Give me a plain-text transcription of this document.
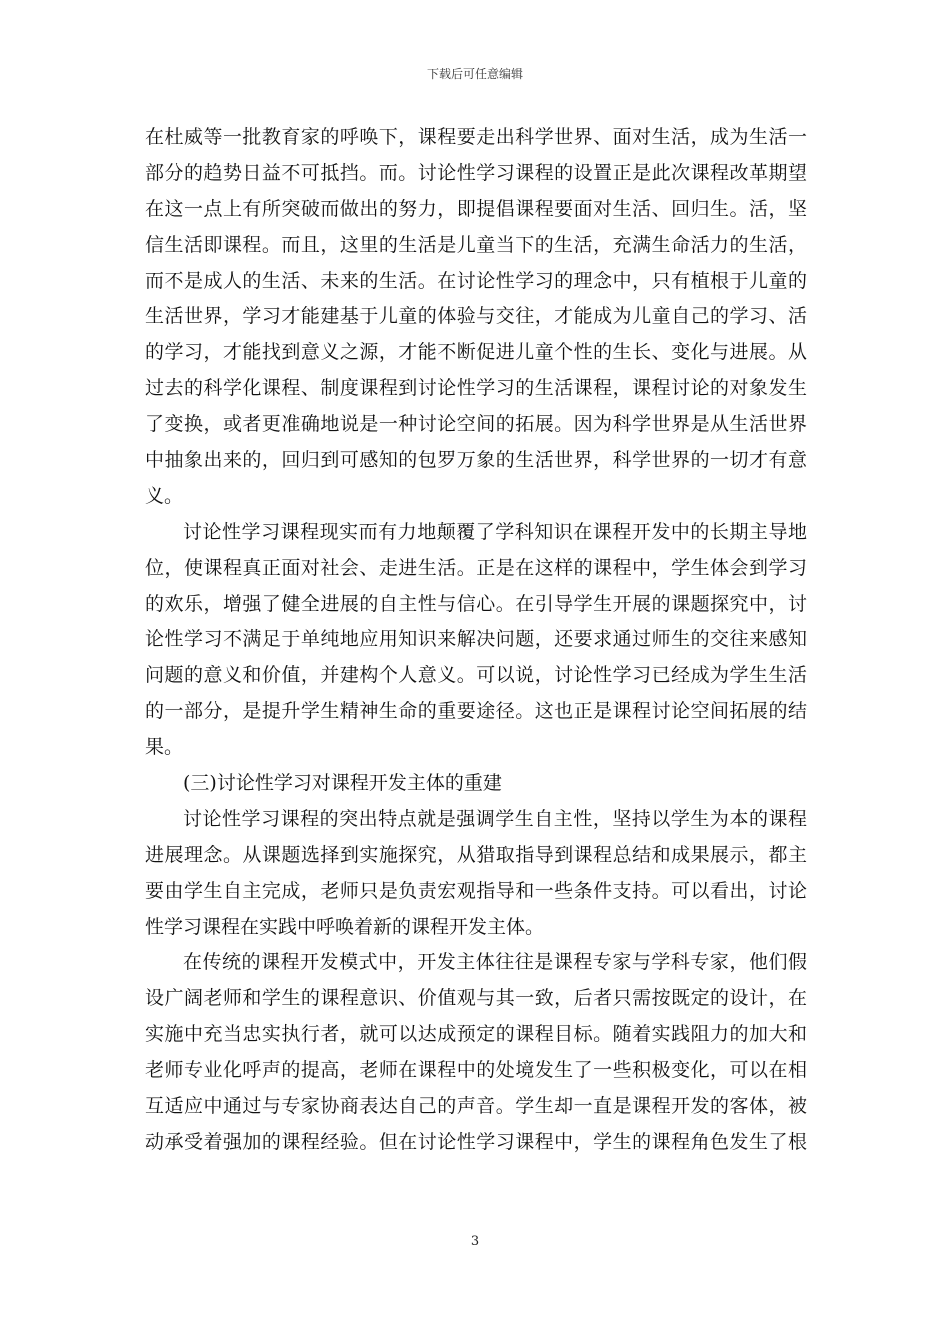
下载后可任意编辑
在杜威等一批教育家的呼唤下，课程要走出科学世界、面对生活，成为生活一
部分的趋势日益不可抵挡。而。讨论性学习课程的设置正是此次课程改革期望
在这一点上有所突破而做出的努力，即提倡课程要面对生活、回归生。活，坚
信生活即课程。而且，这里的生活是儿童当下的生活，充满生命活力的生活，
而不是成人的生活、未来的生活。在讨论性学习的理念中，只有植根于儿童的
生活世界，学习才能建基于儿童的体验与交往，才能成为儿童自己的学习、活
的学习，才能找到意义之源，才能不断促进儿童个性的生长、变化与进展。从
过去的科学化课程、制度课程到讨论性学习的生活课程，课程讨论的对象发生
了变换，或者更准确地说是一种讨论空间的拓展。因为科学世界是从生活世界
中抽象出来的，回归到可感知的包罗万象的生活世界，科学世界的一切才有意
义。
讨论性学习课程现实而有力地颠覆了学科知识在课程开发中的长期主导地
位，使课程真正面对社会、走进生活。正是在这样的课程中，学生体会到学习
的欢乐，增强了健全进展的自主性与信心。在引导学生开展的课题探究中，讨
论性学习不满足于单纯地应用知识来解决问题，还要求通过师生的交往来感知
问题的意义和价值，并建构个人意义。可以说，讨论性学习已经成为学生生活
的一部分，是提升学生精神生命的重要途径。这也正是课程讨论空间拓展的结
果。
(三)讨论性学习对课程开发主体的重建
讨论性学习课程的突出特点就是强调学生自主性，坚持以学生为本的课程
进展理念。从课题选择到实施探究，从猎取指导到课程总结和成果展示，都主
要由学生自主完成，老师只是负责宏观指导和一些条件支持。可以看出，讨论
性学习课程在实践中呼唤着新的课程开发主体。
在传统的课程开发模式中，开发主体往往是课程专家与学科专家，他们假
设广阔老师和学生的课程意识、价值观与其一致，后者只需按既定的设计，在
实施中充当忠实执行者，就可以达成预定的课程目标。随着实践阻力的加大和
老师专业化呼声的提高，老师在课程中的处境发生了一些积极变化，可以在相
互适应中通过与专家协商表达自己的声音。学生却一直是课程开发的客体，被
动承受着强加的课程经验。但在讨论性学习课程中，学生的课程角色发生了根
3
